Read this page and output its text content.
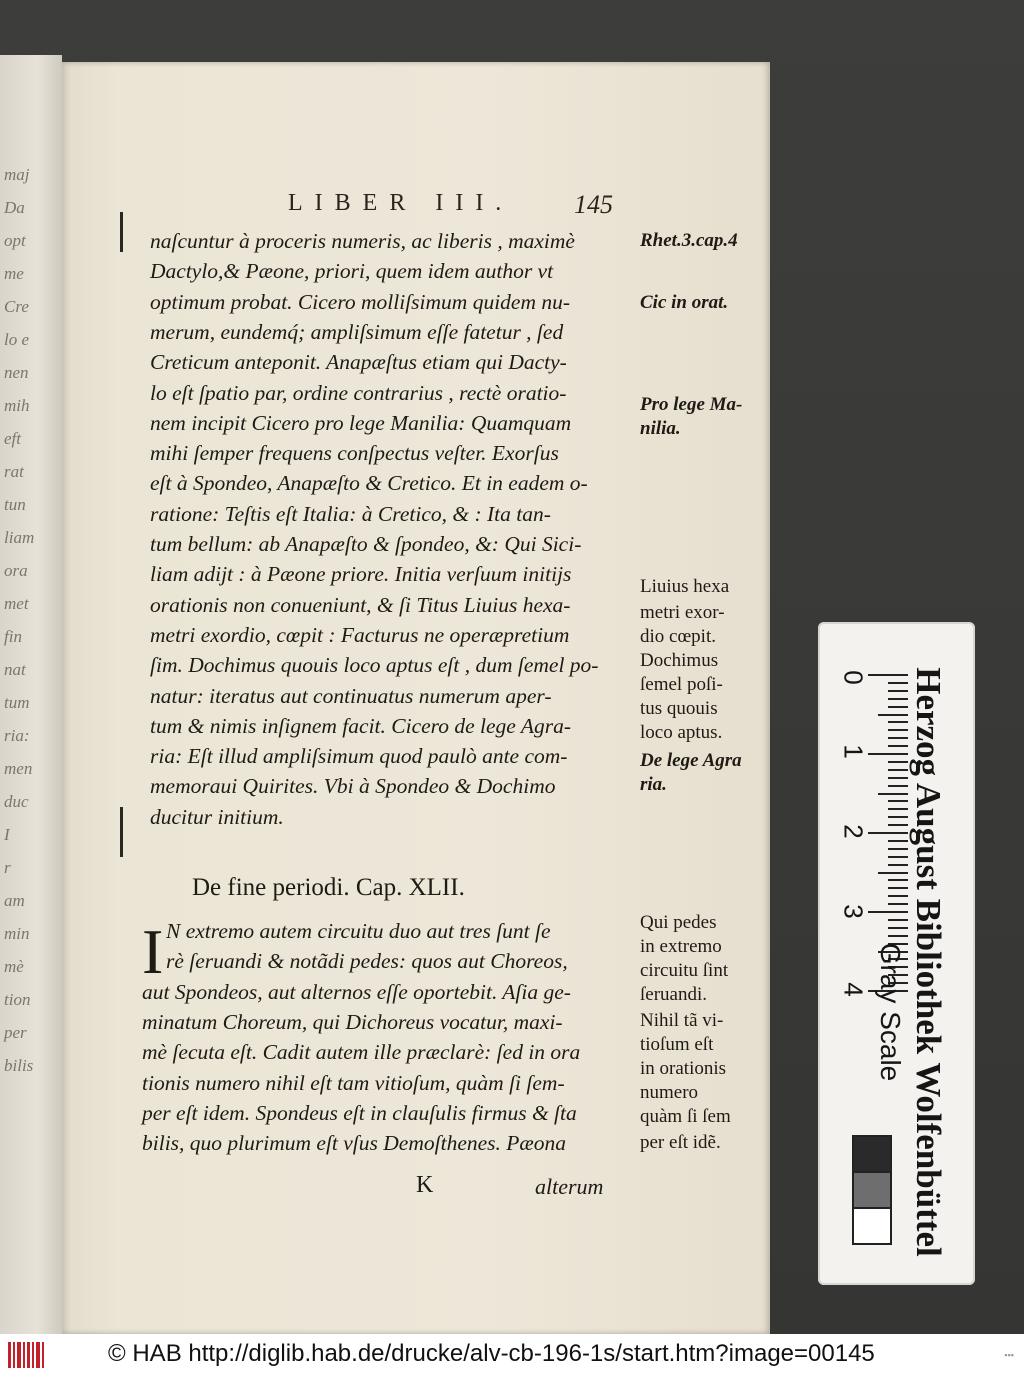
maj
Da
opt
me
Cre
lo e
nen
mih
eft
rat
tun
liam
ora
met
fin
nat
tum
ria:
men
duc
I
r
am
min
mè
tion
per
bilis
LIBER III. 145
naſcuntur à proceris numeris, ac liberis , maximè
Dactylo,& Pæone, priori, quem idem author vt
optimum probat. Cicero molliſsimum quidem nu-
merum, eundemq́; ampliſsimum eſſe fatetur , ſed
Creticum anteponit. Anapæſtus etiam qui Dacty-
lo eſt ſpatio par, ordine contrarius , rectè oratio-
nem incipit Cicero pro lege Manilia: Quamquam
mihi ſemper frequens conſpectus veſter. Exorſus
eſt à Spondeo, Anapæſto & Cretico. Et in eadem o-
ratione: Teſtis eſt Italia: à Cretico, & : Ita tan-
tum bellum: ab Anapæſto & ſpondeo, &: Qui Sici-
liam adijt : à Pæone priore. Initia verſuum initijs
orationis non conueniunt, & ſi Titus Liuius hexa-
metri exordio, cœpit : Facturus ne operæpretium
ſim. Dochimus quouis loco aptus eſt , dum ſemel po-
natur: iteratus aut continuatus numerum aper-
tum & nimis inſignem facit. Cicero de lege Agra-
ria: Eſt illud ampliſsimum quod paulò ante com-
memoraui Quirites. Vbi à Spondeo & Dochimo
ducitur initium.
De fine periodi. Cap. XLII.
I N extremo autem circuitu duo aut tres ſunt ſe
rè ſeruandi & notãdi pedes: quos aut Choreos,
aut Spondeos, aut alternos eſſe oportebit. Aſia ge-
minatum Choreum, qui Dichoreus vocatur, maxi-
mè ſecuta eſt. Cadit autem ille præclarè: ſed in ora
tionis numero nihil eſt tam vitioſum, quàm ſi ſem-
per eſt idem. Spondeus eſt in clauſulis firmus & ſta
bilis, quo plurimum eſt vſus Demoſthenes. Pæona
Rhet.3.cap.4
Cic in orat.
Pro lege Ma-
nilia.
Liuius hexa
metri exor-
dio cœpit.
Dochimus
ſemel poſi-
tus quouis
loco aptus.
De lege Agra
ria.
Qui pedes
in extremo
circuitu ſint
ſeruandi.
Nihil tã vi-
tioſum eſt
in orationis
numero
quàm ſi ſem
per eſt idẽ.
K	alterum
0
1
2
3
4 Gray Scale Herzog August Bibliothek Wolfenbüttel
© HAB http://diglib.hab.de/drucke/alv-cb-196-1s/start.htm?image=00145	▪▪▪
